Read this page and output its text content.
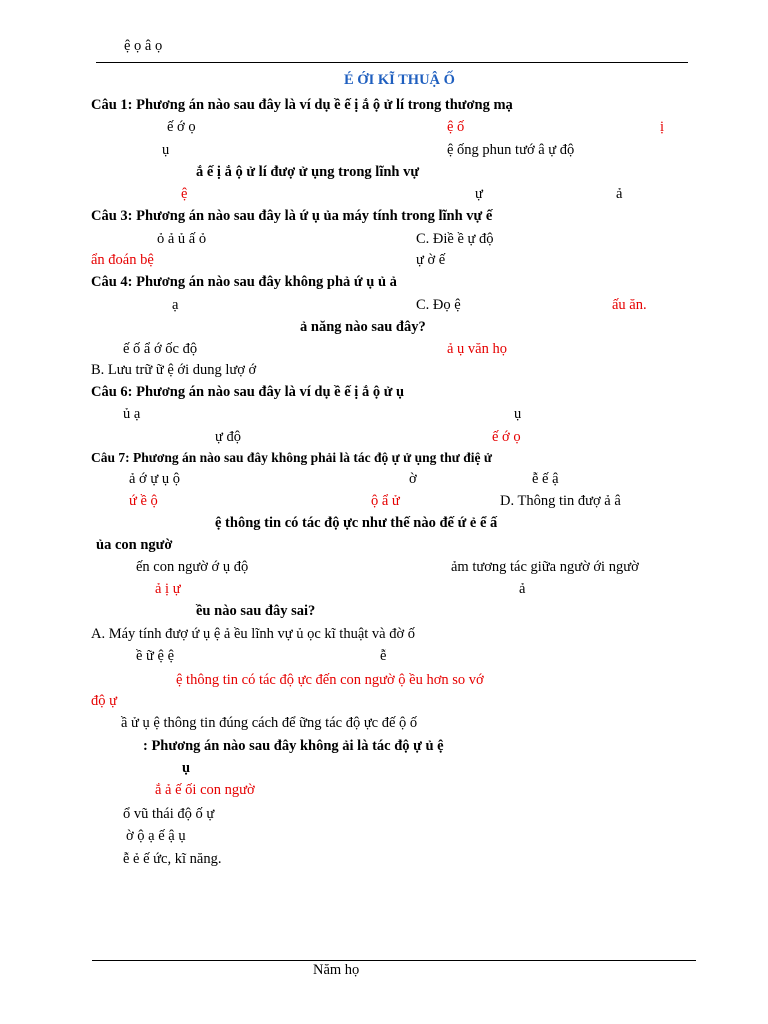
ệ ọ â ọ
É ỚI KĨ THUẬ Ố
Câu 1: Phương án nào sau đây là ví dụ ề ế ị ắ ộ ử lí trong thương mạ
ế ớ ọ	ệ ố	ị
ụ	ệ ống phun tướ â ự độ
ắ ế ị ắ ộ ử lí đượ ử ụng trong lĩnh vự
ệ	ự	ả
Câu 3: Phương án nào sau đây là ứ ụ ủa máy tính trong lĩnh vự ế
ỏ ả ủ ấ ỏ	C. Điề ề ự độ
ẩn đoán bệ	ự ờ ế
Câu 4: Phương án nào sau đây không phả ứ ụ ủ ả
ạ	C. Đọ ệ	ấu ăn.
ả năng nào sau đây?
ế ố ẩ ớ ốc độ	ả ụ văn họ
B. Lưu trữ ữ ệ ới dung lượ ớ
Câu 6: Phương án nào sau đây là ví dụ ề ế ị ắ ộ ử ụ
ủ ạ	ụ
ự độ	ế ớ ọ
Câu 7: Phương án nào sau đây không phải là tác độ ự ử ụng thư điệ ử
ả ớ ự ụ ộ	ờ	ễ ế ậ
ứ ề ộ	ộ ẩ ử	D. Thông tin đượ ả â
ệ thông tin có tác độ ực như thế nào đế ứ ẻ ể ấ
ủa con ngườ
ến con ngườ ớ ụ độ	ảm tương tác giữa ngườ ới ngườ
ả ị ự	ả
ều nào sau đây sai?
A. Máy tính đượ ứ ụ ệ ả ều lĩnh vự ủ ọc kĩ thuật và đờ ố
ề ữ ệ ệ	ễ
ệ thông tin có tác độ ực đến con ngườ ộ ều hơn so vớ
độ ự
ầ ử ụ ệ thông tin đúng cách để ững tác độ ực đế ộ ố
: Phương án nào sau đây không ải là tác độ ự ủ ệ
ụ
ắ ả ế ối con ngườ
ổ vũ thái độ ố ự
ờ ộ ạ ế ậ ụ
ễ ẻ ế ức, kĩ năng.
Năm họ
